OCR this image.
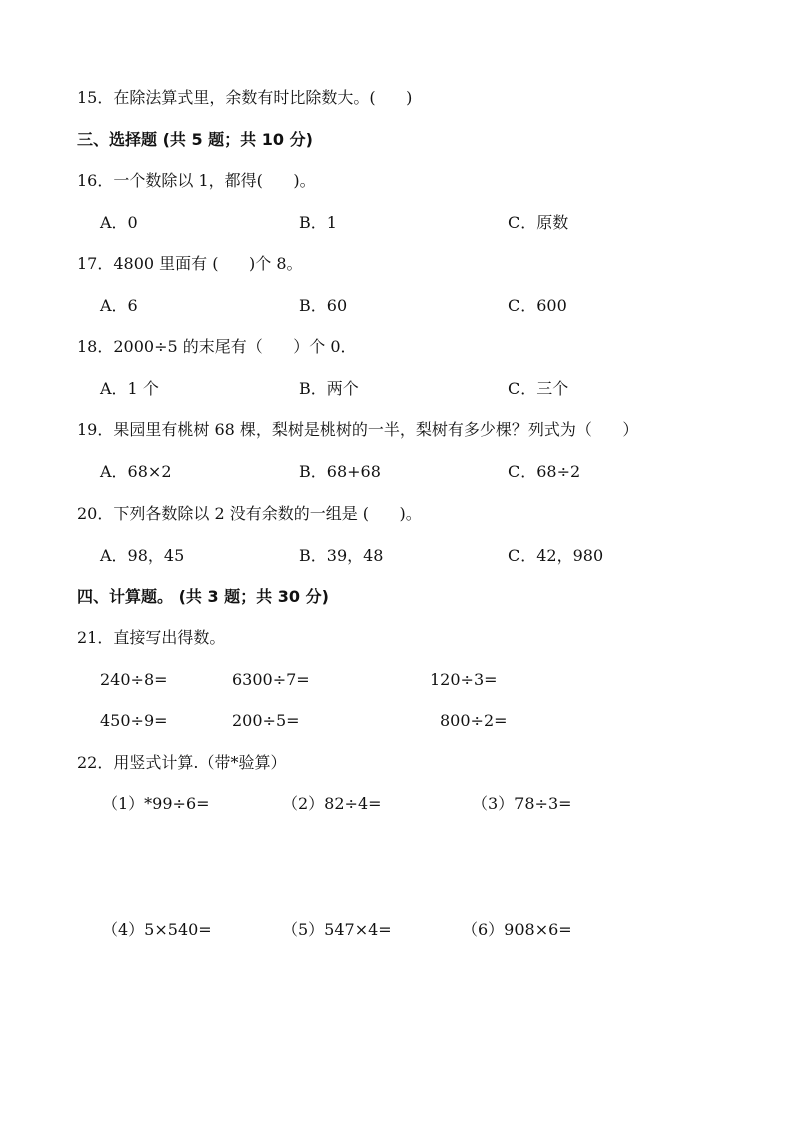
15．在除法算式里，余数有时比除数大。(      )
三、选择题 (共 5 题；共 10 分)
16．一个数除以 1，都得(      )。
A．0	B．1	C．原数
17．4800 里面有 (      )个 8。
A．6	B．60	C．600
18．2000÷5 的末尾有（      ）个 0．
A．1 个	B．两个	C．三个
19．果园里有桃树 68 棵，梨树是桃树的一半，梨树有多少棵？列式为（      ）
A．68×2	B．68+68	C．68÷2
20．下列各数除以 2 没有余数的一组是 (      )。
A．98，45	B．39，48	C．42，980
四、计算题。 (共 3 题；共 30 分)
21．直接写出得数。
240÷8=	6300÷7=	120÷3=
450÷9=	200÷5=	800÷2=
22．用竖式计算.（带*验算）
（1）*99÷6=	（2）82÷4=	（3）78÷3=
（4）5×540=	（5）547×4=	（6）908×6=
